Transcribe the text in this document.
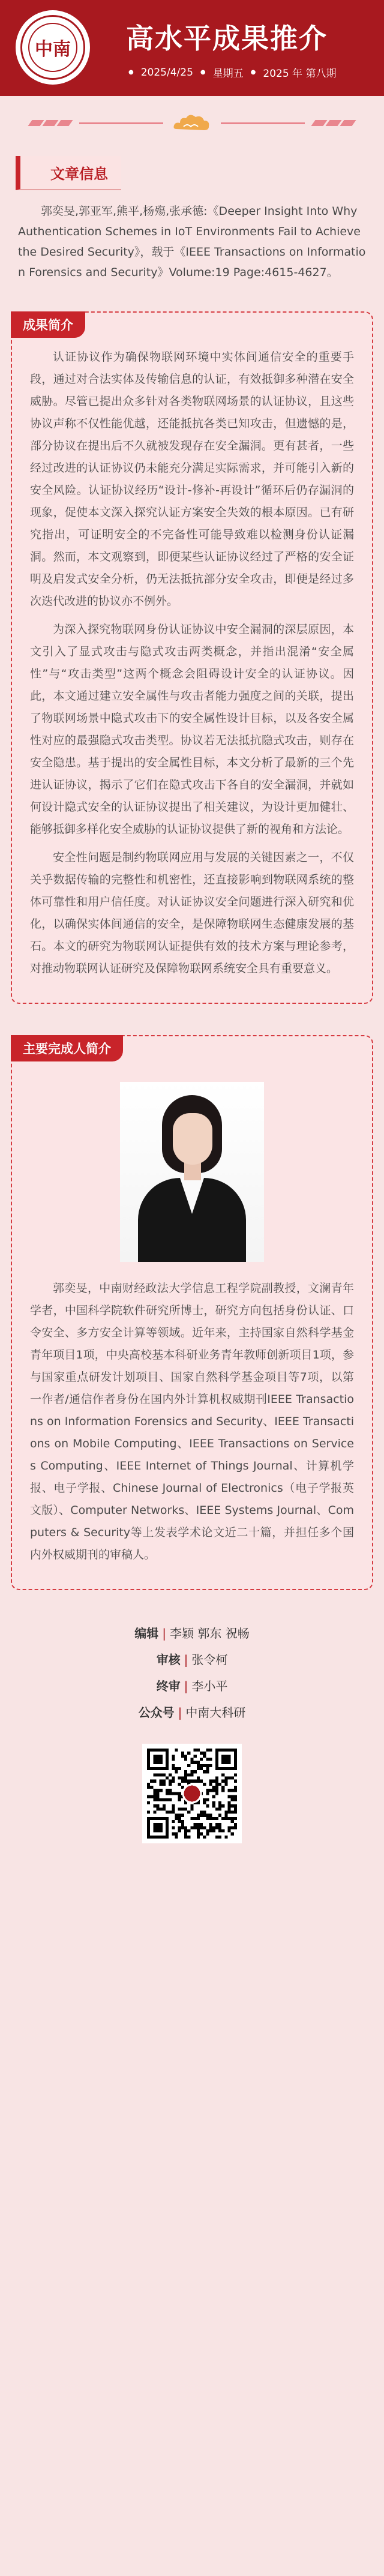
中南 高水平成果推介
● 2025/4/25 ● 星期五 ● 2025 年 第八期
文章信息
郭奕旻,郭亚军,熊平,杨殤,张承德:《Deeper Insight Into Why Authentication Schemes in IoT Environments Fail to Achieve the Desired Security》，载于《IEEE Transactions on Information Forensics and Security》Volume:19 Page:4615-4627。
成果简介

认证协议作为确保物联网环境中实体间通信安全的重要手段，通过对合法实体及传输信息的认证，有效抵御多种潜在安全威胁。尽管已提出众多针对各类物联网场景的认证协议，且这些协议声称不仅性能优越，还能抵抗各类已知攻击，但遗憾的是，部分协议在提出后不久就被发现存在安全漏洞。更有甚者，一些经过改进的认证协议仍未能充分满足实际需求，并可能引入新的安全风险。认证协议经历“设计-修补-再设计”循环后仍存漏洞的现象，促使本文深入探究认证方案安全失效的根本原因。已有研究指出，可证明安全的不完备性可能导致难以检测身份认证漏洞。然而，本文观察到，即便某些认证协议经过了严格的安全证明及启发式安全分析，仍无法抵抗部分安全攻击，即便是经过多次迭代改进的协议亦不例外。

为深入探究物联网身份认证协议中安全漏洞的深层原因，本文引入了显式攻击与隐式攻击两类概念，并指出混淆“安全属性”与“攻击类型”这两个概念会阻碍设计安全的认证协议。因此，本文通过建立安全属性与攻击者能力强度之间的关联，提出了物联网场景中隐式攻击下的安全属性设计目标，以及各安全属性对应的最强隐式攻击类型。协议若无法抵抗隐式攻击，则存在安全隐患。基于提出的安全属性目标，本文分析了最新的三个先进认证协议，揭示了它们在隐式攻击下各自的安全漏洞，并就如何设计隐式安全的认证协议提出了相关建议，为设计更加健壮、能够抵御多样化安全威胁的认证协议提供了新的视角和方法论。

安全性问题是制约物联网应用与发展的关键因素之一，不仅关乎数据传输的完整性和机密性，还直接影响到物联网系统的整体可靠性和用户信任度。对认证协议安全问题进行深入研究和优化，以确保实体间通信的安全，是保障物联网生态健康发展的基石。本文的研究为物联网认证提供有效的技术方案与理论参考，对推动物联网认证研究及保障物联网系统安全具有重要意义。

主要完成人简介

郭奕旻，中南财经政法大学信息工程学院副教授，文澜青年学者，中国科学院软件研究所博士，研究方向包括身份认证、口令安全、多方安全计算等领域。近年来，主持国家自然科学基金青年项目1项，中央高校基本科研业务青年教师创新项目1项，参与国家重点研发计划项目、国家自然科学基金项目等7项，以第一作者/通信作者身份在国内外计算机权威期刊IEEE Transactions on Information Forensics and Security、IEEE Transactions on Mobile Computing、IEEE Transactions on Services Computing、IEEE Internet of Things Journal、计算机学报、电子学报、Chinese Journal of Electronics（电子学报英文版）、Computer Networks、IEEE Systems Journal、Computers & Security等上发表学术论文近二十篇，并担任多个国内外权威期刊的审稿人。

编辑 | 李颖 郭东 祝畅
审核 | 张令柯
终审 | 李小平
公众号 | 中南大科研
